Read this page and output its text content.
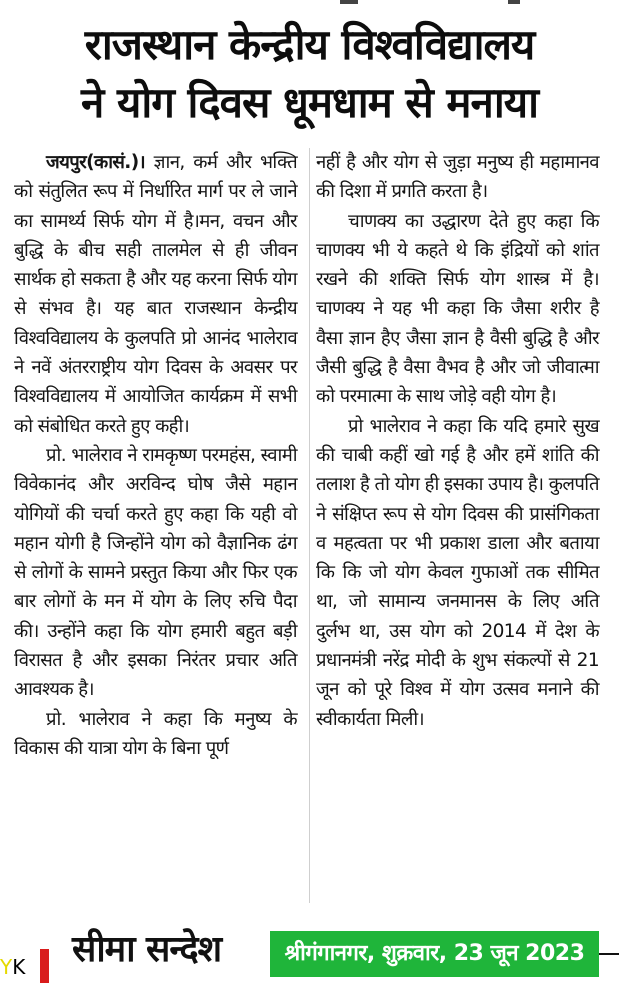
राजस्थान केन्द्रीय विश्वविद्यालय
ने योग दिवस धूमधाम से मनाया

जयपुर(कासं.)। ज्ञान, कर्म और भक्ति को संतुलित रूप में निर्धारित मार्ग पर ले जाने का सामर्थ्य सिर्फ योग में है।मन, वचन और बुद्धि के बीच सही तालमेल से ही जीवन सार्थक हो सकता है और यह करना सिर्फ योग से संभव है। यह बात राजस्थान केन्द्रीय विश्वविद्यालय के कुलपति प्रो आनंद भालेराव ने नवें अंतरराष्ट्रीय योग दिवस के अवसर पर विश्वविद्यालय में आयोजित कार्यक्रम में सभी को संबोधित करते हुए कही।

प्रो. भालेराव ने रामकृष्ण परमहंस, स्वामी विवेकानंद और अरविन्द घोष जैसे महान योगियों की चर्चा करते हुए कहा कि यही वो महान योगी है जिन्होंने योग को वैज्ञानिक ढंग से लोगों के सामने प्रस्तुत किया और फिर एक बार लोगों के मन में योग के लिए रुचि पैदा की। उन्होंने कहा कि योग हमारी बहुत बड़ी विरासत है और इसका निरंतर प्रचार अति आवश्यक है।

प्रो. भालेराव ने कहा कि मनुष्य के विकास की यात्रा योग के बिना पूर्ण

नहीं है और योग से जुड़ा मनुष्य ही महामानव की दिशा में प्रगति करता है।

चाणक्य का उद्धारण देते हुए कहा कि चाणक्य भी ये कहते थे कि इंद्रियों को शांत रखने की शक्ति सिर्फ योग शास्त्र में है। चाणक्य ने यह भी कहा कि जैसा शरीर है वैसा ज्ञान हैए जैसा ज्ञान है वैसी बुद्धि है और जैसी बुद्धि है वैसा वैभव है और जो जीवात्मा को परमात्मा के साथ जोड़े वही योग है।

प्रो भालेराव ने कहा कि यदि हमारे सुख की चाबी कहीं खो गई है और हमें शांति की तलाश है तो योग ही इसका उपाय है। कुलपति ने संक्षिप्त रूप से योग दिवस की प्रासंगिकता व महत्वता पर भी प्रकाश डाला और बताया कि कि जो योग केवल गुफाओं तक सीमित था, जो सामान्य जनमानस के लिए अति दुर्लभ था, उस योग को 2014 में देश के प्रधानमंत्री नरेंद्र मोदी के शुभ संकल्पों से 21 जून को पूरे विश्व में योग उत्सव मनाने की स्वीकार्यता मिली।

YK सीमा सन्देश	श्रीगंगानगर, शुक्रवार, 23 जून 2023
